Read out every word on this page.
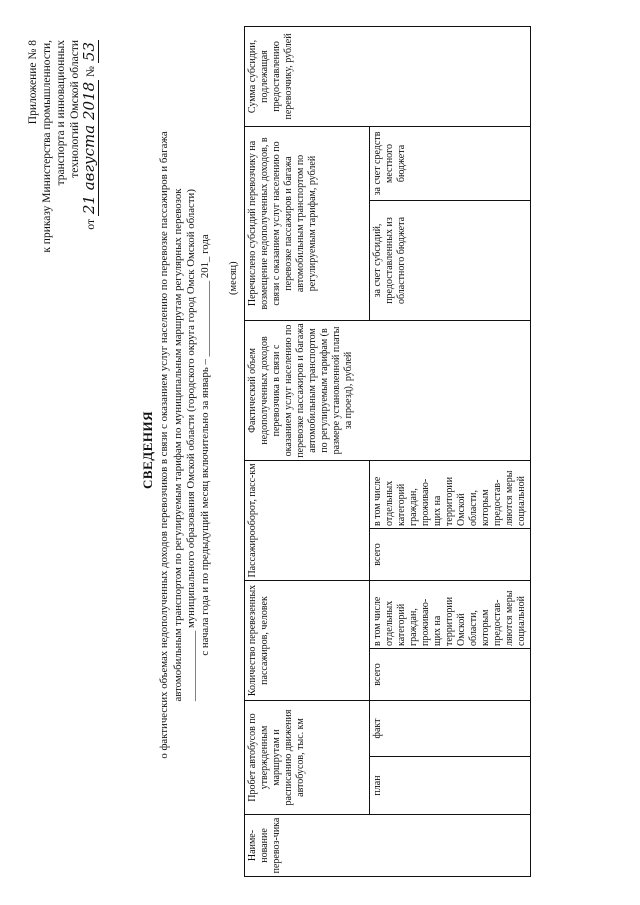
Приложение № 8 к приказу Министерства промышленности, транспорта и инновационных технологий Омской области
от 21 августа 2018 № 53
СВЕДЕНИЯ о фактических объемах недополученных доходов перевозчиков в связи с оказанием услуг населению по перевозке пассажиров и багажа автомобильным транспортом по регулируемым тарифам по муниципальным маршрутам регулярных перевозок _____________ муниципального образования Омской области (городского округа город Омск Омской области) с начала года и по предыдущий месяц включительно за январь – ______________ 201_ года (месяц)
Наиме-нование перевоз-чика	Пробет автобусов по утвержденным маршрутам и расписанию движения автобусов, тыс. км		Количество перевезенных пассажиров, человек		Пассажирооборот, пасс-км		Фактический объем недополученных доходов перевозчика в связи с оказанием услуг населению по перевозке пассажиров и багажа автомобильным транспортом по регулируемым тарифам (в размере установленной платы за проезд), рублей	Перечислено субсидий перевозчику на возмещение недополученных доходов, в связи с оказанием услуг населению по перевозке пассажиров и багажа автомобильным транспортом по регулируемым тарифам, рублей		Сумма субсидии, подлежащая предоставлению перевозчику, рублей
	план	факт	всего	в том числе отдельных категорий граждан, проживаю-щих на территории Омской области, которым предостав-ляются меры социальной	всего	в том числе отдельных категорий граждан, проживаю-щих на территории Омской области, которым предостав-ляются меры социальной		за счет субсидий, предоставленных из областного бюджета	за счет средств местного бюджета	
